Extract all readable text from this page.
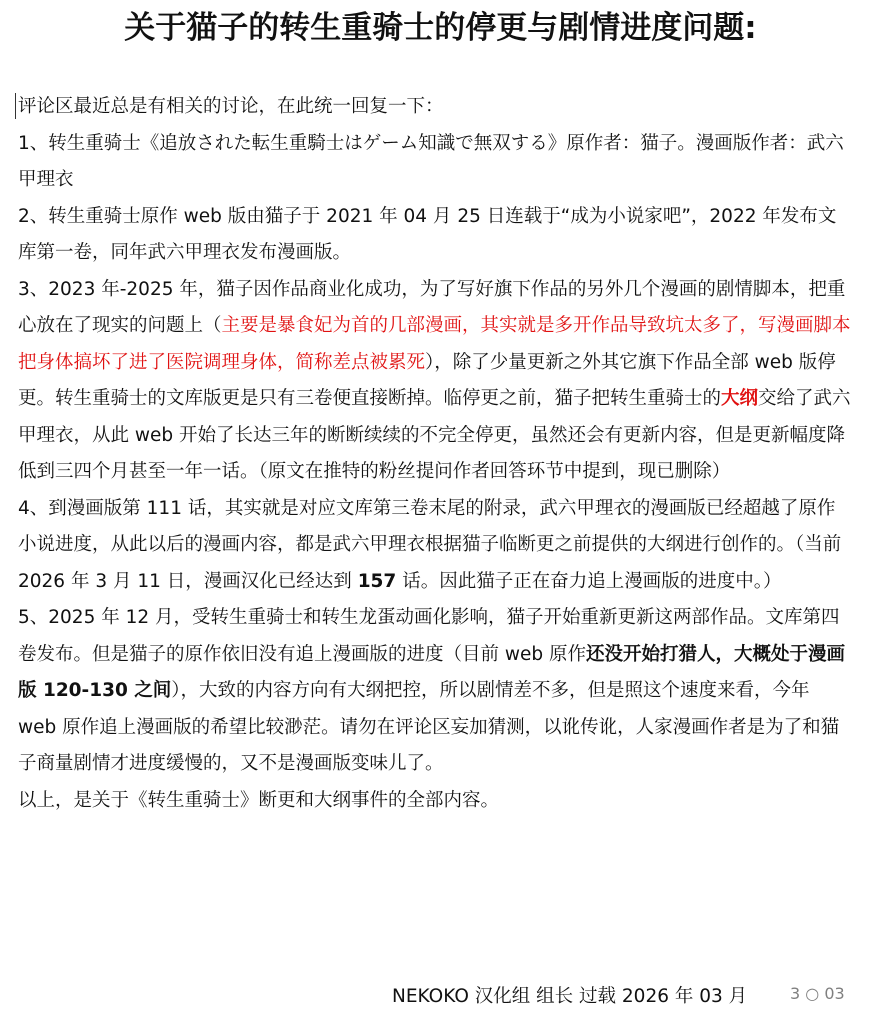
关于猫子的转生重骑士的停更与剧情进度问题:

评论区最近总是有相关的讨论，在此统一回复一下：

1、转生重骑士《追放された転生重騎士はゲーム知識で無双する》原作者：猫子。漫画版作者：武六甲理衣

2、转生重骑士原作 web 版由猫子于 2021 年 04 月 25 日连载于“成为小说家吧”，2022 年发布文库第一卷，同年武六甲理衣发布漫画版。

3、2023 年-2025 年，猫子因作品商业化成功，为了写好旗下作品的另外几个漫画的剧情脚本，把重心放在了现实的问题上（主要是暴食妃为首的几部漫画，其实就是多开作品导致坑太多了，写漫画脚本把身体搞坏了进了医院调理身体，简称差点被累死），除了少量更新之外其它旗下作品全部 web 版停更。转生重骑士的文库版更是只有三卷便直接断掉。临停更之前，猫子把转生重骑士的大纲交给了武六甲理衣，从此 web 开始了长达三年的断断续续的不完全停更，虽然还会有更新内容，但是更新幅度降低到三四个月甚至一年一话。（原文在推特的粉丝提问作者回答环节中提到，现已删除）

4、到漫画版第 111 话，其实就是对应文库第三卷末尾的附录，武六甲理衣的漫画版已经超越了原作小说进度，从此以后的漫画内容，都是武六甲理衣根据猫子临断更之前提供的大纲进行创作的。（当前 2026 年 3 月 11 日，漫画汉化已经达到 157 话。因此猫子正在奋力追上漫画版的进度中。）

5、2025 年 12 月，受转生重骑士和转生龙蛋动画化影响，猫子开始重新更新这两部作品。文库第四卷发布。但是猫子的原作依旧没有追上漫画版的进度（目前 web 原作还没开始打猎人，大概处于漫画版 120-130 之间），大致的内容方向有大纲把控，所以剧情差不多，但是照这个速度来看，今年 web 原作追上漫画版的希望比较渺茫。请勿在评论区妄加猜测，以讹传讹，人家漫画作者是为了和猫子商量剧情才进度缓慢的，又不是漫画版变味儿了。

以上，是关于《转生重骑士》断更和大纲事件的全部内容。

NEKOKO 汉化组 组长 过载 2026 年 03 月	3 ○ 03
